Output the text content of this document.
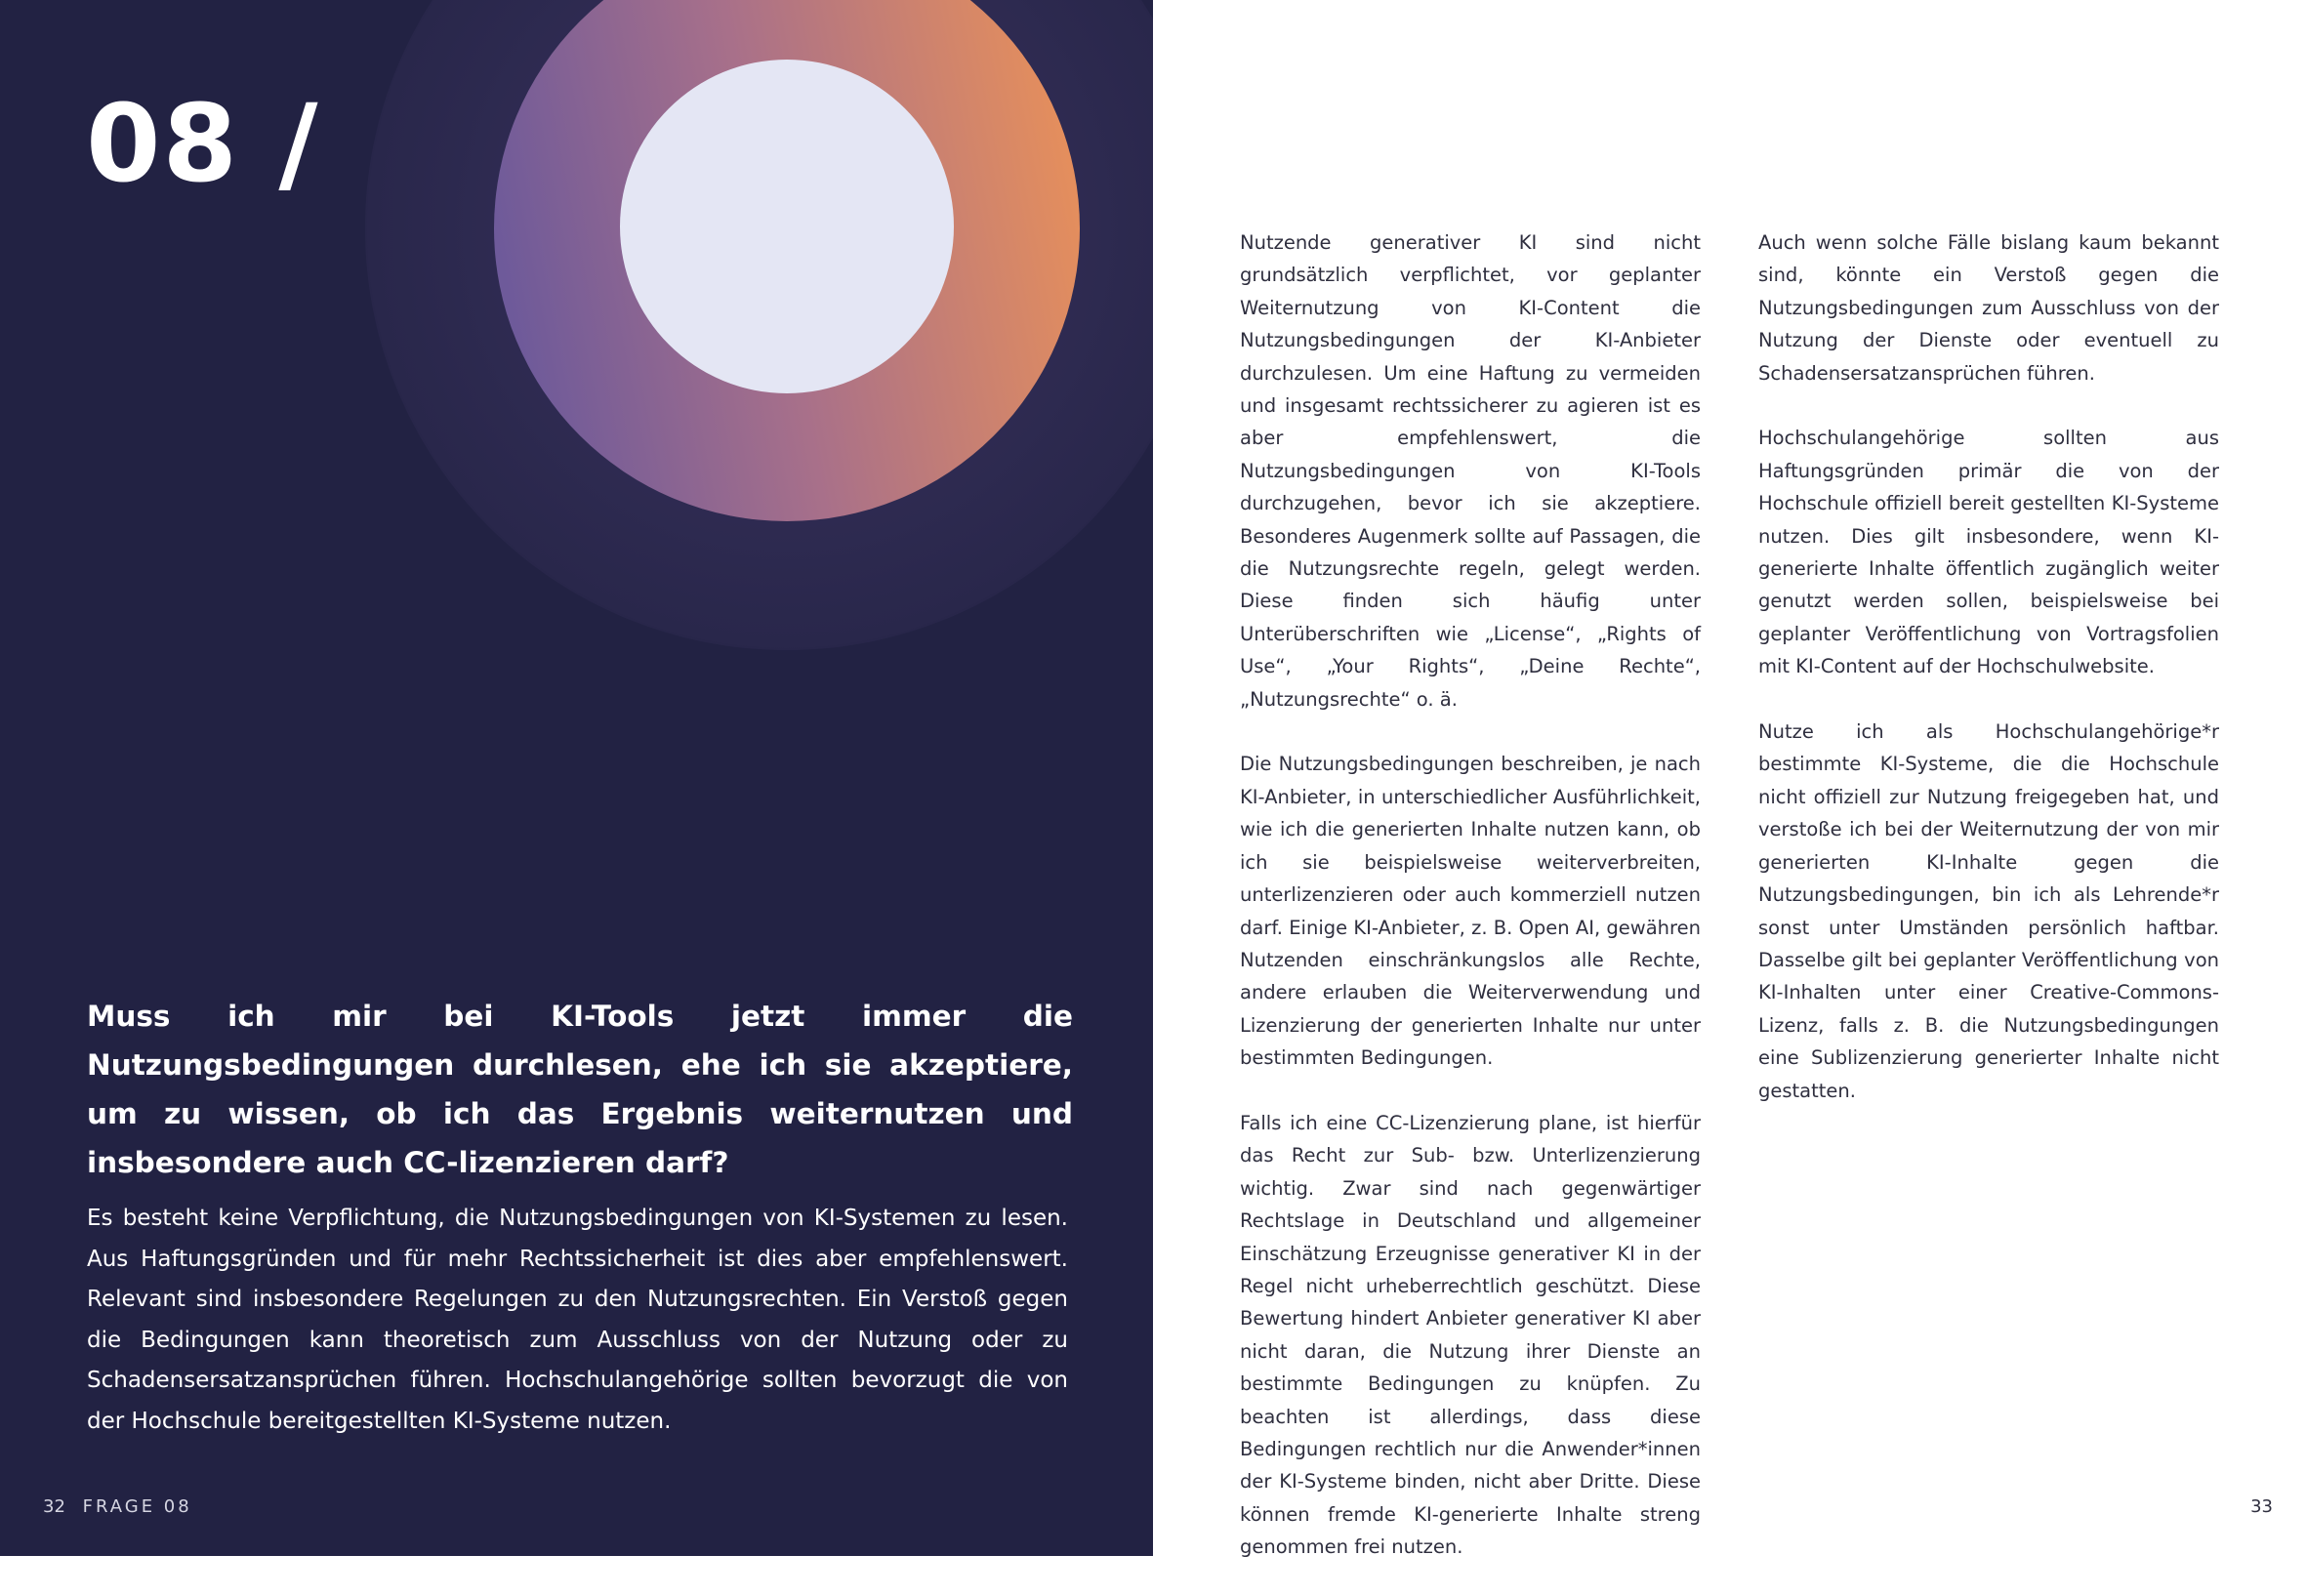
08 /
Muss ich mir bei KI-Tools jetzt immer die Nutzungsbedingungen durchlesen, ehe ich sie akzeptiere, um zu wissen, ob ich das Ergebnis weiternutzen und insbesondere auch CC-lizenzieren darf?
Es besteht keine Verpflichtung, die Nutzungsbedingungen von KI-Systemen zu lesen. Aus Haftungsgründen und für mehr Rechtssicherheit ist dies aber empfehlenswert. Relevant sind insbesondere Regelungen zu den Nutzungsrechten. Ein Verstoß gegen die Bedingungen kann theoretisch zum Ausschluss von der Nutzung oder zu Schadensersatzansprüchen führen. Hochschulangehörige sollten bevorzugt die von der Hochschule bereitgestellten KI-Systeme nutzen.
32 FRAGE 08

Nutzende generativer KI sind nicht grundsätzlich verpflichtet, vor geplanter Weiternutzung von KI-Content die Nutzungsbedingungen der KI-Anbieter durchzulesen. Um eine Haftung zu vermeiden und insgesamt rechtssicherer zu agieren ist es aber empfehlenswert, die Nutzungsbedingungen von KI-Tools durchzugehen, bevor ich sie akzeptiere. Besonderes Augenmerk sollte auf Passagen, die die Nutzungsrechte regeln, gelegt werden. Diese finden sich häufig unter Unterüberschriften wie „License“, „Rights of Use“, „Your Rights“, „Deine Rechte“, „Nutzungsrechte“ o. ä.

Die Nutzungsbedingungen beschreiben, je nach KI-Anbieter, in unterschiedlicher Ausführlichkeit, wie ich die generierten Inhalte nutzen kann, ob ich sie beispielsweise weiterverbreiten, unterlizenzieren oder auch kommerziell nutzen darf. Einige KI-Anbieter, z. B. Open AI, gewähren Nutzenden einschränkungslos alle Rechte, andere erlauben die Weiterverwendung und Lizenzierung der generierten Inhalte nur unter bestimmten Bedingungen.

Falls ich eine CC-Lizenzierung plane, ist hierfür das Recht zur Sub- bzw. Unterlizenzierung wichtig. Zwar sind nach gegenwärtiger Rechtslage in Deutschland und allgemeiner Einschätzung Erzeugnisse generativer KI in der Regel nicht urheberrechtlich geschützt. Diese Bewertung hindert Anbieter generativer KI aber nicht daran, die Nutzung ihrer Dienste an bestimmte Bedingungen zu knüpfen. Zu beachten ist allerdings, dass diese Bedingungen rechtlich nur die Anwender*innen der KI-Systeme binden, nicht aber Dritte. Diese können fremde KI-generierte Inhalte streng genommen frei nutzen.

Auch wenn solche Fälle bislang kaum bekannt sind, könnte ein Verstoß gegen die Nutzungsbedingungen zum Ausschluss von der Nutzung der Dienste oder eventuell zu Schadensersatzansprüchen führen.

Hochschulangehörige sollten aus Haftungsgründen primär die von der Hochschule offiziell bereit gestellten KI-Systeme nutzen. Dies gilt insbesondere, wenn KI-generierte Inhalte öffentlich zugänglich weiter genutzt werden sollen, beispielsweise bei geplanter Veröffentlichung von Vortragsfolien mit KI-Content auf der Hochschulwebsite.

Nutze ich als Hochschulangehörige*r bestimmte KI-Systeme, die die Hochschule nicht offiziell zur Nutzung freigegeben hat, und verstoße ich bei der Weiternutzung der von mir generierten KI-Inhalte gegen die Nutzungsbedingungen, bin ich als Lehrende*r sonst unter Umständen persönlich haftbar. Dasselbe gilt bei geplanter Veröffentlichung von KI-Inhalten unter einer Creative-Commons-Lizenz, falls z. B. die Nutzungsbedingungen eine Sublizenzierung generierter Inhalte nicht gestatten.

33
